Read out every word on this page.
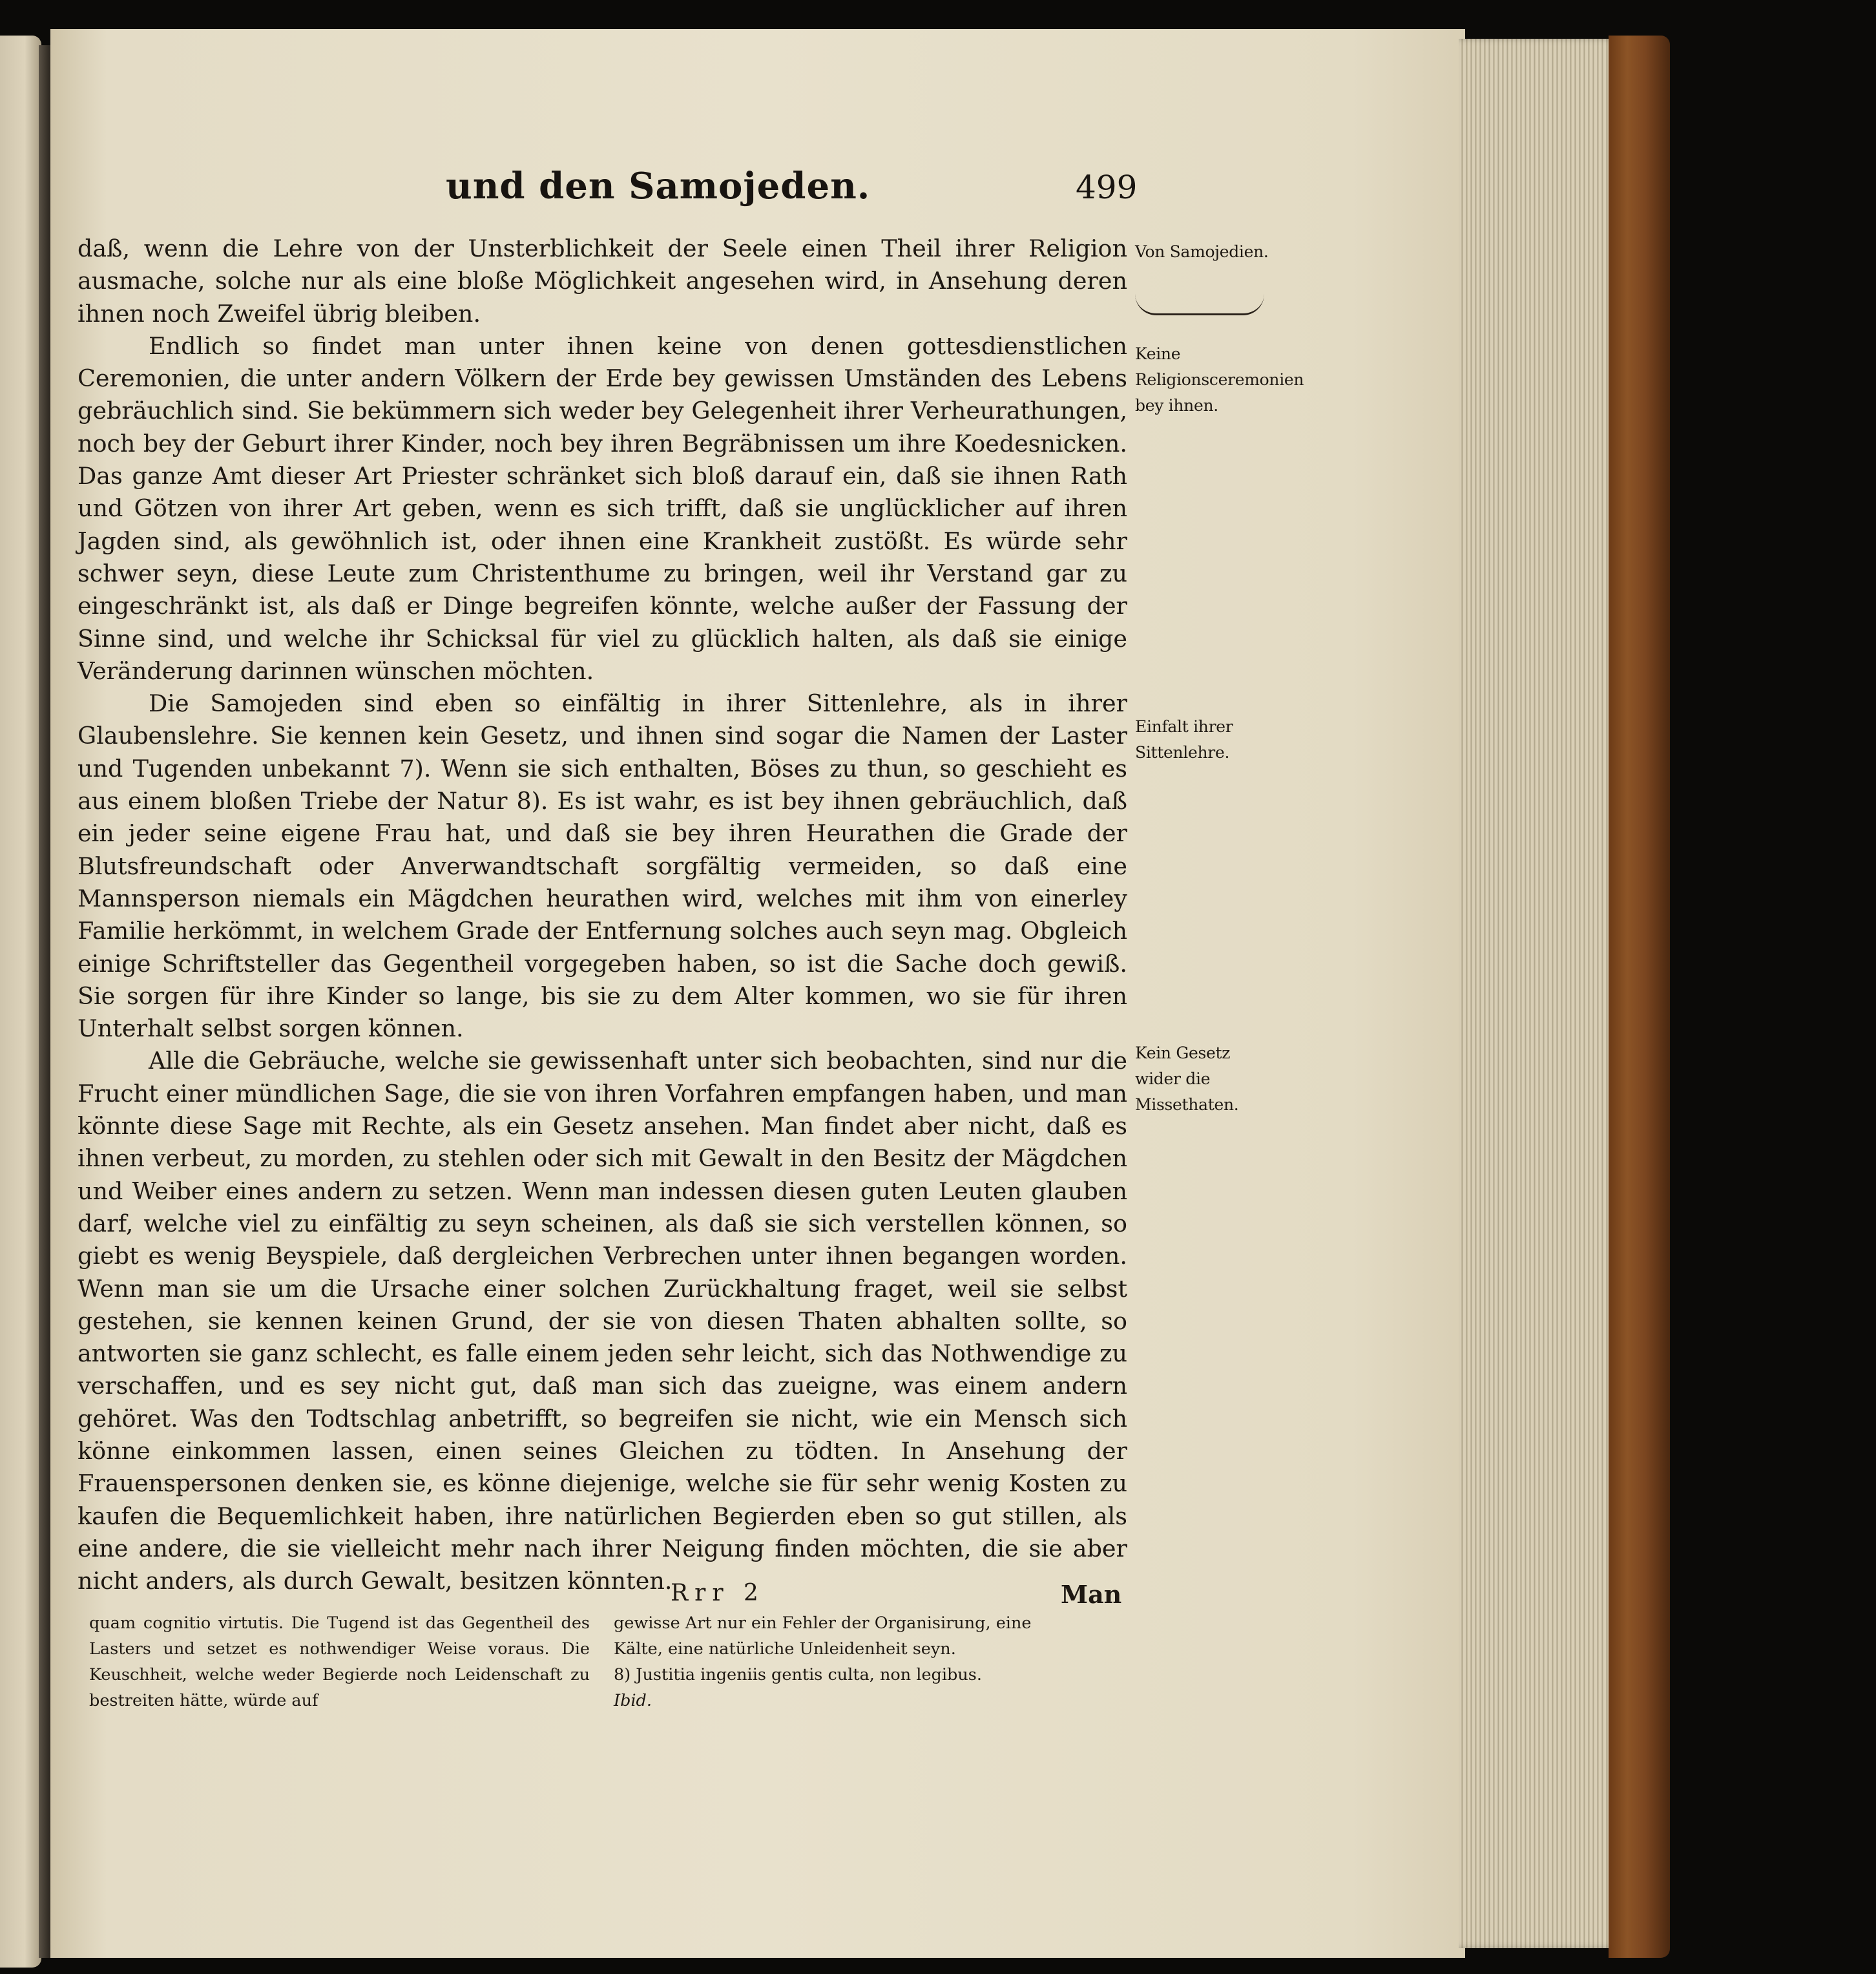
und den Samojeden.	499

daß, wenn die Lehre von der Unsterblichkeit der Seele einen Theil ihrer Religion ausmache, solche nur als eine bloße Möglichkeit angesehen wird, in Ansehung deren ihnen noch Zweifel übrig bleiben.

Endlich so findet man unter ihnen keine von denen gottesdienstlichen Ceremonien, die unter andern Völkern der Erde bey gewissen Umständen des Lebens gebräuchlich sind. Sie bekümmern sich weder bey Gelegenheit ihrer Verheurathungen, noch bey der Geburt ihrer Kinder, noch bey ihren Begräbnissen um ihre Koedesnicken. Das ganze Amt dieser Art Priester schränket sich bloß darauf ein, daß sie ihnen Rath und Götzen von ihrer Art geben, wenn es sich trifft, daß sie unglücklicher auf ihren Jagden sind, als gewöhnlich ist, oder ihnen eine Krankheit zustößt. Es würde sehr schwer seyn, diese Leute zum Christenthume zu bringen, weil ihr Verstand gar zu eingeschränkt ist, als daß er Dinge begreifen könnte, welche außer der Fassung der Sinne sind, und welche ihr Schicksal für viel zu glücklich halten, als daß sie einige Veränderung darinnen wünschen möchten.

Die Samojeden sind eben so einfältig in ihrer Sittenlehre, als in ihrer Glaubenslehre. Sie kennen kein Gesetz, und ihnen sind sogar die Namen der Laster und Tugenden unbekannt 7). Wenn sie sich enthalten, Böses zu thun, so geschieht es aus einem bloßen Triebe der Natur 8). Es ist wahr, es ist bey ihnen gebräuchlich, daß ein jeder seine eigene Frau hat, und daß sie bey ihren Heurathen die Grade der Blutsfreundschaft oder Anverwandtschaft sorgfältig vermeiden, so daß eine Mannsperson niemals ein Mägdchen heurathen wird, welches mit ihm von einerley Familie herkömmt, in welchem Grade der Entfernung solches auch seyn mag. Obgleich einige Schriftsteller das Gegentheil vorgegeben haben, so ist die Sache doch gewiß. Sie sorgen für ihre Kinder so lange, bis sie zu dem Alter kommen, wo sie für ihren Unterhalt selbst sorgen können.

Alle die Gebräuche, welche sie gewissenhaft unter sich beobachten, sind nur die Frucht einer mündlichen Sage, die sie von ihren Vorfahren empfangen haben, und man könnte diese Sage mit Rechte, als ein Gesetz ansehen. Man findet aber nicht, daß es ihnen verbeut, zu morden, zu stehlen oder sich mit Gewalt in den Besitz der Mägdchen und Weiber eines andern zu setzen. Wenn man indessen diesen guten Leuten glauben darf, welche viel zu einfältig zu seyn scheinen, als daß sie sich verstellen können, so giebt es wenig Beyspiele, daß dergleichen Verbrechen unter ihnen begangen worden. Wenn man sie um die Ursache einer solchen Zurückhaltung fraget, weil sie selbst gestehen, sie kennen keinen Grund, der sie von diesen Thaten abhalten sollte, so antworten sie ganz schlecht, es falle einem jeden sehr leicht, sich das Nothwendige zu verschaffen, und es sey nicht gut, daß man sich das zueigne, was einem andern gehöret. Was den Todtschlag anbetrifft, so begreifen sie nicht, wie ein Mensch sich könne einkommen lassen, einen seines Gleichen zu tödten. In Ansehung der Frauenspersonen denken sie, es könne diejenige, welche sie für sehr wenig Kosten zu kaufen die Bequemlichkeit haben, ihre natürlichen Begierden eben so gut stillen, als eine andere, die sie vielleicht mehr nach ihrer Neigung finden möchten, die sie aber nicht anders, als durch Gewalt, besitzen könnten.

Von Samojedien.
Keine Religionsceremonien bey ihnen.
Einfalt ihrer Sittenlehre.
Kein Gesetz wider die Missethaten.
Rrr 2	Man
quam cognitio virtutis. Die Tugend ist das Gegentheil des Lasters und setzet es nothwendiger Weise voraus. Die Keuschheit, welche weder Begierde noch Leidenschaft zu bestreiten hätte, würde auf
gewisse Art nur ein Fehler der Organisirung, eine
Kälte, eine natürliche Unleidenheit seyn.
8) Justitia ingeniis gentis culta, non legibus.
Ibid.
